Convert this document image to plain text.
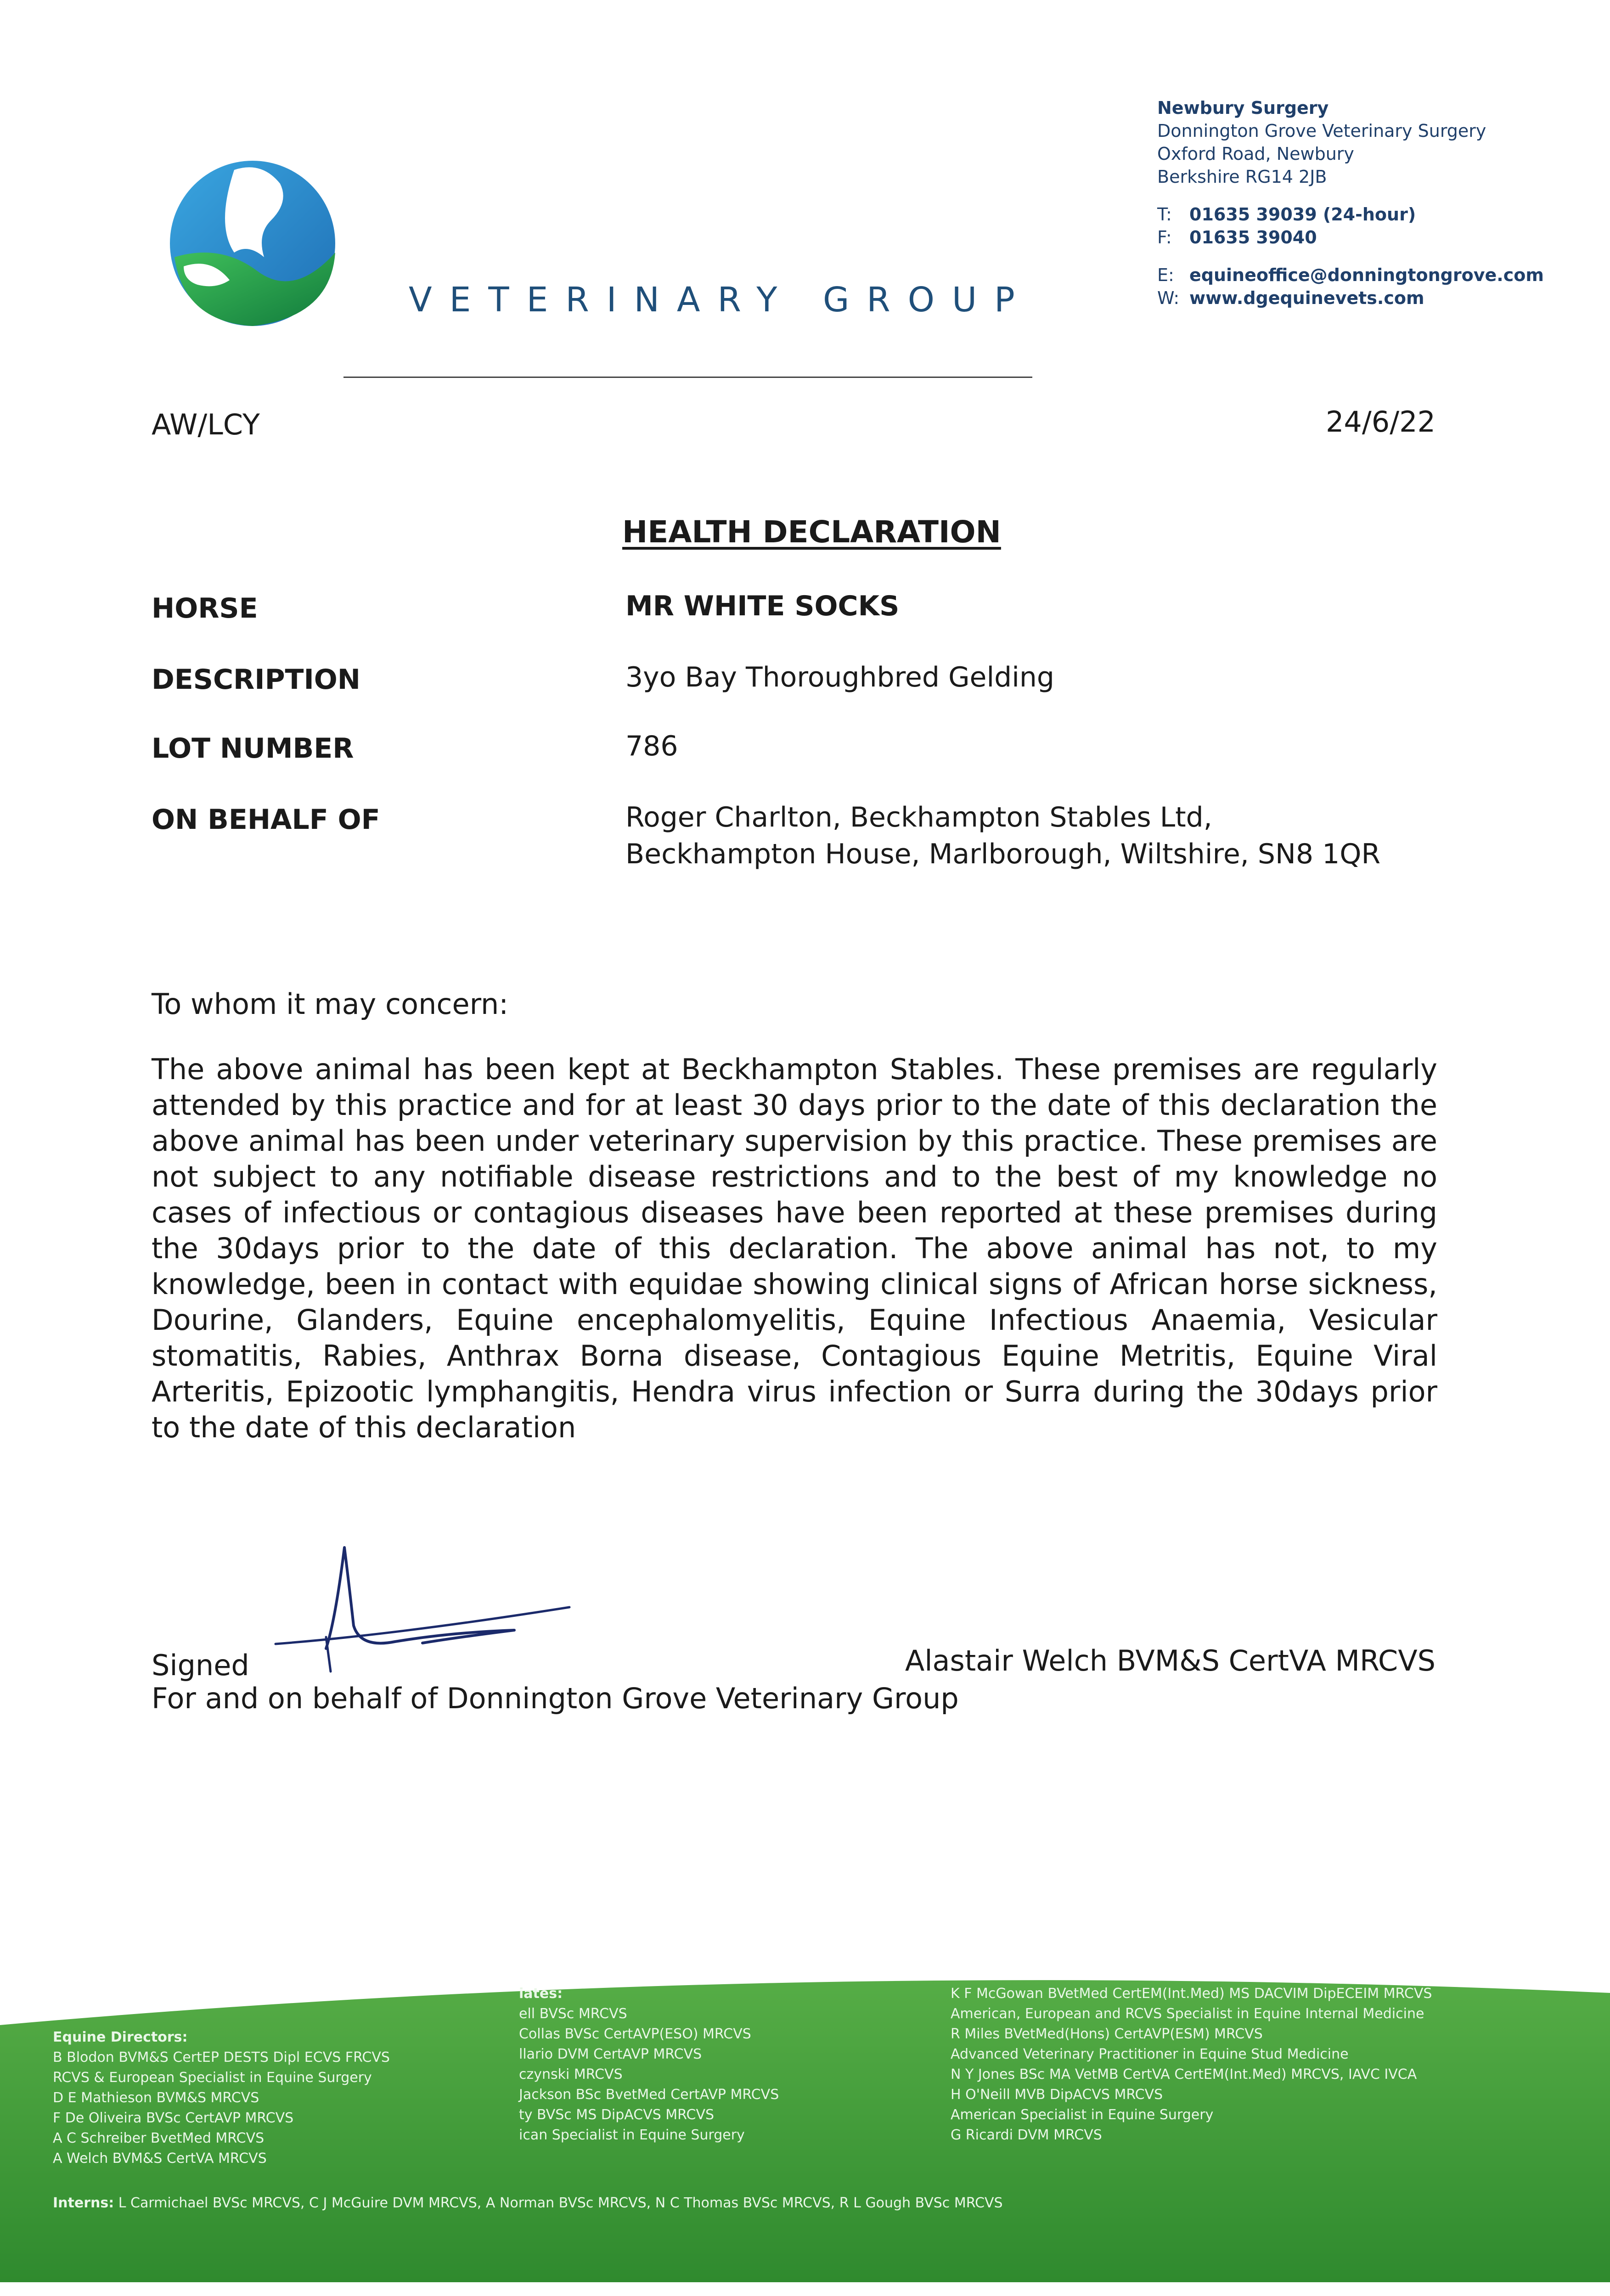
VETERINARY GROUP
Newbury Surgery
Donnington Grove Veterinary Surgery
Oxford Road, Newbury
Berkshire RG14 2JB
T: 01635 39039 (24-hour)
F: 01635 39040
E: equineoffice@donningtongrove.com
W: www.dgequinevets.com
AW/LCY	24/6/22
HEALTH DECLARATION
HORSE	MR WHITE SOCKS
DESCRIPTION	3yo Bay Thoroughbred Gelding
LOT NUMBER	786
ON BEHALF OF	Roger Charlton, Beckhampton Stables Ltd,
Beckhampton House, Marlborough, Wiltshire, SN8 1QR
To whom it may concern:
The above animal has been kept at Beckhampton Stables. These premises are regularly attended by this practice and for at least 30 days prior to the date of this declaration the above animal has been under veterinary supervision by this practice. These premises are not subject to any notifiable disease restrictions and to the best of my knowledge no cases of infectious or contagious diseases have been reported at these premises during the 30days prior to the date of this declaration. The above animal has not, to my knowledge, been in contact with equidae showing clinical signs of African horse sickness, Dourine, Glanders, Equine encephalomyelitis, Equine Infectious Anaemia, Vesicular stomatitis, Rabies, Anthrax Borna disease, Contagious Equine Metritis, Equine Viral Arteritis, Epizootic lymphangitis, Hendra virus infection or Surra during the 30days prior to the date of this declaration
Signed	Alastair Welch BVM&S CertVA MRCVS
For and on behalf of Donnington Grove Veterinary Group
Equine Directors:
B Blodon BVM&S CertEP DESTS Dipl ECVS FRCVS
RCVS & European Specialist in Equine Surgery
D E Mathieson BVM&S MRCVS
F De Oliveira BVSc CertAVP MRCVS
A C Schreiber BvetMed MRCVS
A Welch BVM&S CertVA MRCVS
iates:
ell BVSc MRCVS
Collas BVSc CertAVP(ESO) MRCVS
llario DVM CertAVP MRCVS
czynski MRCVS
Jackson BSc BvetMed CertAVP MRCVS
ty BVSc MS DipACVS MRCVS
ican Specialist in Equine Surgery
K F McGowan BVetMed CertEM(Int.Med) MS DACVIM DipECEIM MRCVS
American, European and RCVS Specialist in Equine Internal Medicine
R Miles BVetMed(Hons) CertAVP(ESM) MRCVS
Advanced Veterinary Practitioner in Equine Stud Medicine
N Y Jones BSc MA VetMB CertVA CertEM(Int.Med) MRCVS, IAVC IVCA
H O'Neill MVB DipACVS MRCVS
American Specialist in Equine Surgery
G Ricardi DVM MRCVS
Interns: L Carmichael BVSc MRCVS, C J McGuire DVM MRCVS, A Norman BVSc MRCVS, N C Thomas BVSc MRCVS, R L Gough BVSc MRCVS
